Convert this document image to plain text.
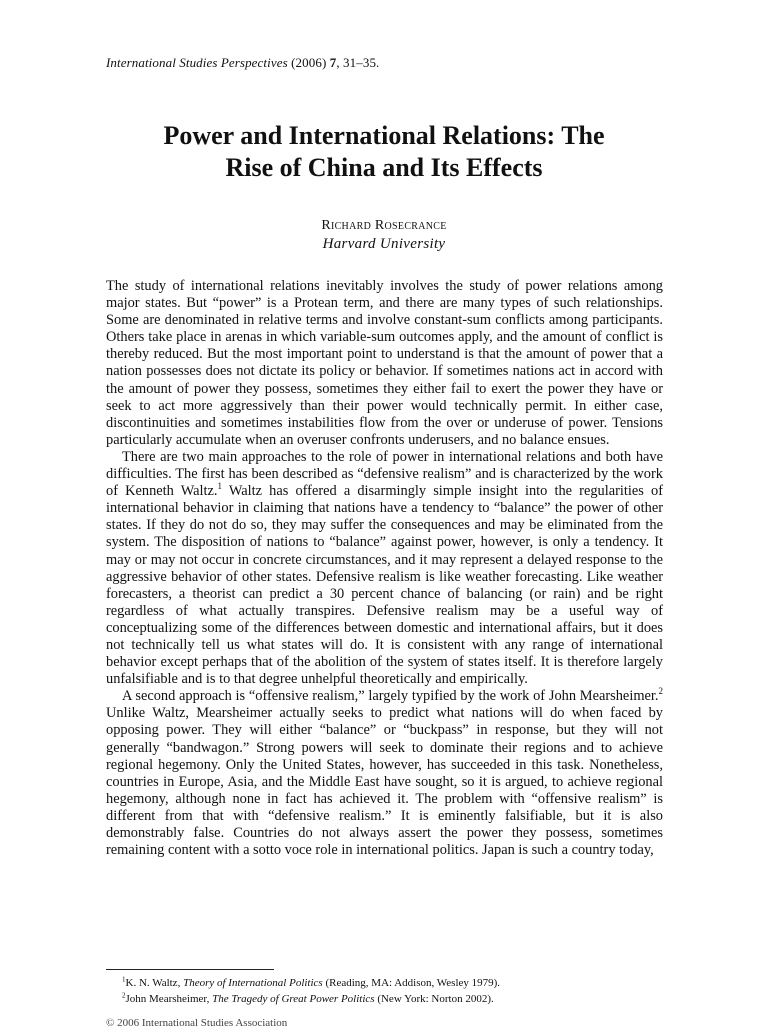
International Studies Perspectives (2006) 7, 31–35.
Power and International Relations: The
Rise of China and Its Effects
Richard Rosecrance
Harvard University

The study of international relations inevitably involves the study of power relations among major states. But “power” is a Protean term, and there are many types of such relationships. Some are denominated in relative terms and involve constant-sum conflicts among participants. Others take place in arenas in which variable-sum outcomes apply, and the amount of conflict is thereby reduced. But the most important point to understand is that the amount of power that a nation possesses does not dictate its policy or behavior. If sometimes nations act in accord with the amount of power they possess, sometimes they either fail to exert the power they have or seek to act more aggressively than their power would technically permit. In either case, discontinuities and sometimes instabilities flow from the over or underuse of power. Tensions particularly accumulate when an overuser confronts underusers, and no balance ensues.

There are two main approaches to the role of power in international relations and both have difficulties. The first has been described as “defensive realism” and is characterized by the work of Kenneth Waltz.$^1$ Waltz has offered a disarmingly simple insight into the regularities of international behavior in claiming that nations have a tendency to “balance” the power of other states. If they do not do so, they may suffer the consequences and may be eliminated from the system. The disposition of nations to “balance” against power, however, is only a tendency. It may or may not occur in concrete circumstances, and it may represent a delayed response to the aggressive behavior of other states. Defensive realism is like weather forecasting. Like weather forecasters, a theorist can predict a 30 percent chance of balancing (or rain) and be right regardless of what actually transpires. Defensive realism may be a useful way of conceptualizing some of the differences between domestic and international affairs, but it does not technically tell us what states will do. It is consistent with any range of international behavior except perhaps that of the abolition of the system of states itself. It is therefore largely unfalsifiable and is to that degree unhelpful theoretically and empirically.

A second approach is “offensive realism,” largely typified by the work of John Mearsheimer.$^2$ Unlike Waltz, Mearsheimer actually seeks to predict what nations will do when faced by opposing power. They will either “balance” or “buckpass” in response, but they will not generally “bandwagon.” Strong powers will seek to dominate their regions and to achieve regional hegemony. Only the United States, however, has succeeded in this task. Nonetheless, countries in Europe, Asia, and the Middle East have sought, so it is argued, to achieve regional hegemony, although none in fact has achieved it. The problem with “offensive realism” is different from that with “defensive realism.” It is eminently falsifiable, but it is also demonstrably false. Countries do not always assert the power they possess, sometimes remaining content with a sotto voce role in international politics. Japan is such a country today,

$^1$K. N. Waltz, Theory of International Politics (Reading, MA: Addison, Wesley 1979).
$^2$John Mearsheimer, The Tragedy of Great Power Politics (New York: Norton 2002).
© 2006 International Studies Association
